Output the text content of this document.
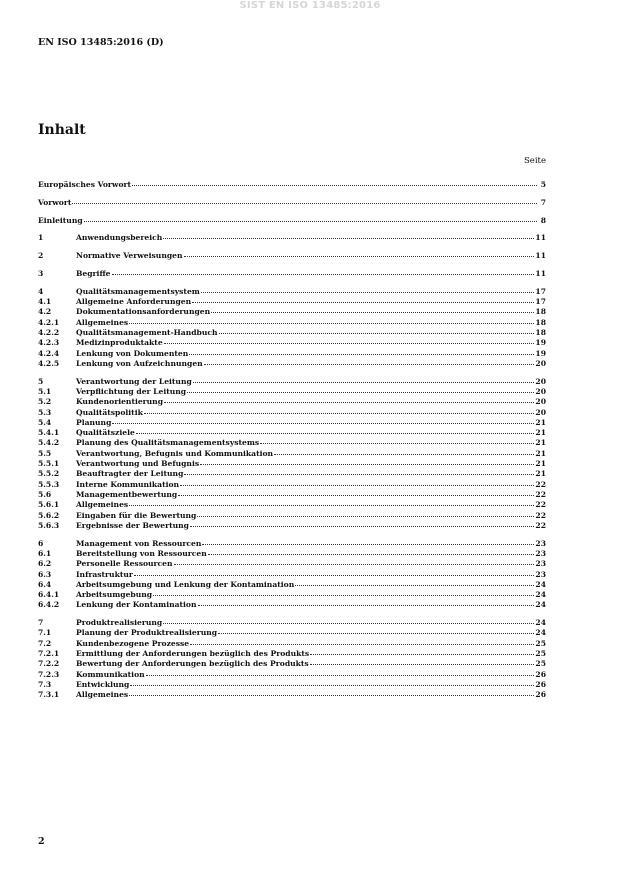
SIST EN ISO 13485:2016
EN ISO 13485:2016 (D)
Inhalt
Seite
Europäisches Vorwort	5
Vorwort	7
Einleitung	8
1	Anwendungsbereich	11
2	Normative Verweisungen	11
3	Begriffe	11
4	Qualitätsmanagementsystem	17
4.1	Allgemeine Anforderungen	17
4.2	Dokumentationsanforderungen	18
4.2.1	Allgemeines	18
4.2.2	Qualitätsmanagement-Handbuch	18
4.2.3	Medizinproduktakte	19
4.2.4	Lenkung von Dokumenten	19
4.2.5	Lenkung von Aufzeichnungen	20
5	Verantwortung der Leitung	20
5.1	Verpflichtung der Leitung	20
5.2	Kundenorientierung	20
5.3	Qualitätspolitik	20
5.4	Planung	21
5.4.1	Qualitätsziele	21
5.4.2	Planung des Qualitätsmanagementsystems	21
5.5	Verantwortung, Befugnis und Kommunikation	21
5.5.1	Verantwortung und Befugnis	21
5.5.2	Beauftragter der Leitung	21
5.5.3	Interne Kommunikation	22
5.6	Managementbewertung	22
5.6.1	Allgemeines	22
5.6.2	Eingaben für die Bewertung	22
5.6.3	Ergebnisse der Bewertung	22
6	Management von Ressourcen	23
6.1	Bereitstellung von Ressourcen	23
6.2	Personelle Ressourcen	23
6.3	Infrastruktur	23
6.4	Arbeitsumgebung und Lenkung der Kontamination	24
6.4.1	Arbeitsumgebung	24
6.4.2	Lenkung der Kontamination	24
7	Produktrealisierung	24
7.1	Planung der Produktrealisierung	24
7.2	Kundenbezogene Prozesse	25
7.2.1	Ermittlung der Anforderungen bezüglich des Produkts	25
7.2.2	Bewertung der Anforderungen bezüglich des Produkts	25
7.2.3	Kommunikation	26
7.3	Entwicklung	26
7.3.1	Allgemeines	26
2
